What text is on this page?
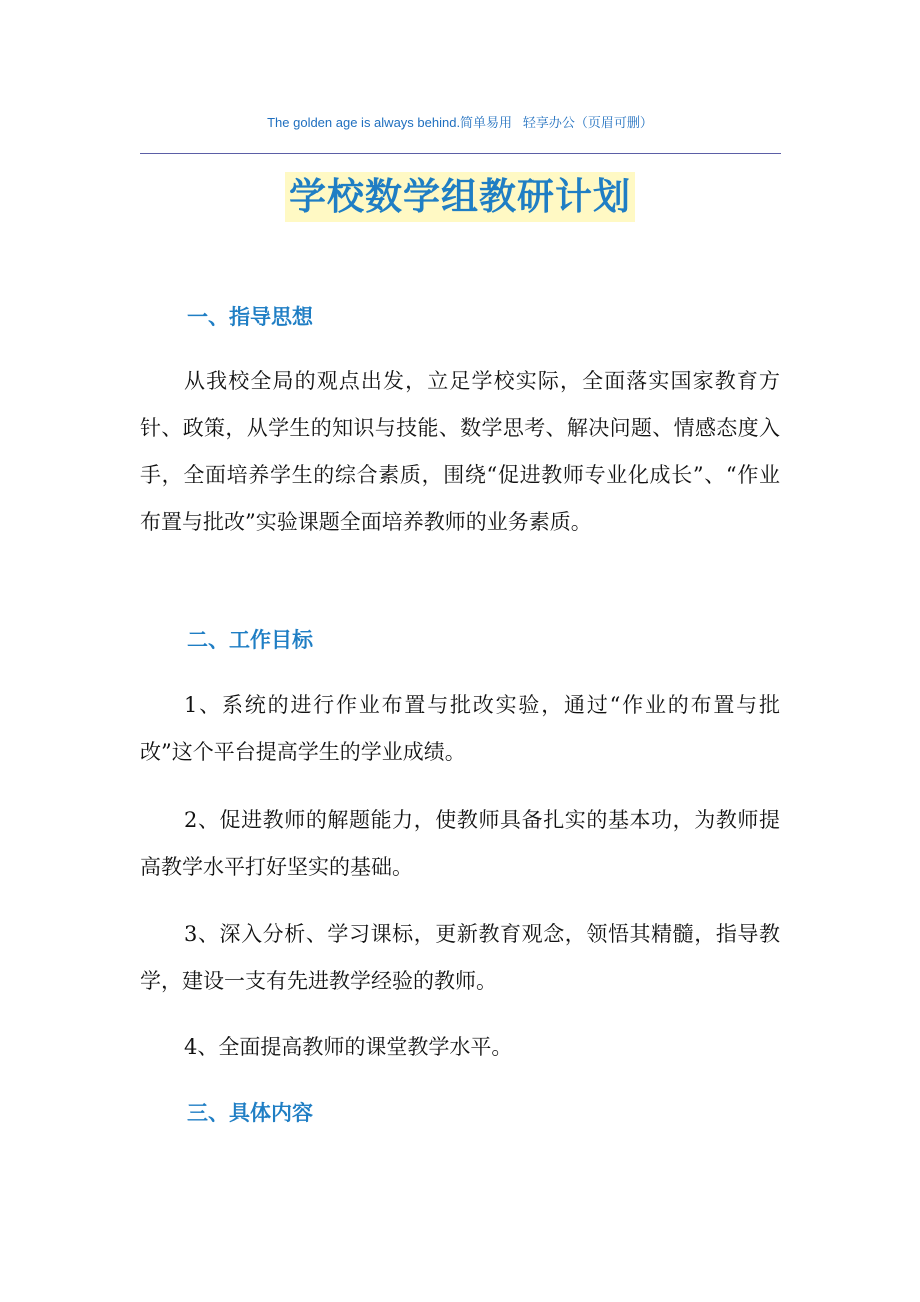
The golden age is always behind.简单易用   轻享办公（页眉可删）
学校数学组教研计划
一、指导思想
从我校全局的观点出发，立足学校实际，全面落实国家教育方针、政策，从学生的知识与技能、数学思考、解决问题、情感态度入手，全面培养学生的综合素质，围绕“促进教师专业化成长”、“作业布置与批改”实验课题全面培养教师的业务素质。
二、工作目标
1、系统的进行作业布置与批改实验，通过“作业的布置与批改”这个平台提高学生的学业成绩。
2、促进教师的解题能力，使教师具备扎实的基本功，为教师提高教学水平打好坚实的基础。
3、深入分析、学习课标，更新教育观念，领悟其精髓，指导教学，建设一支有先进教学经验的教师。
4、全面提高教师的课堂教学水平。
三、具体内容
